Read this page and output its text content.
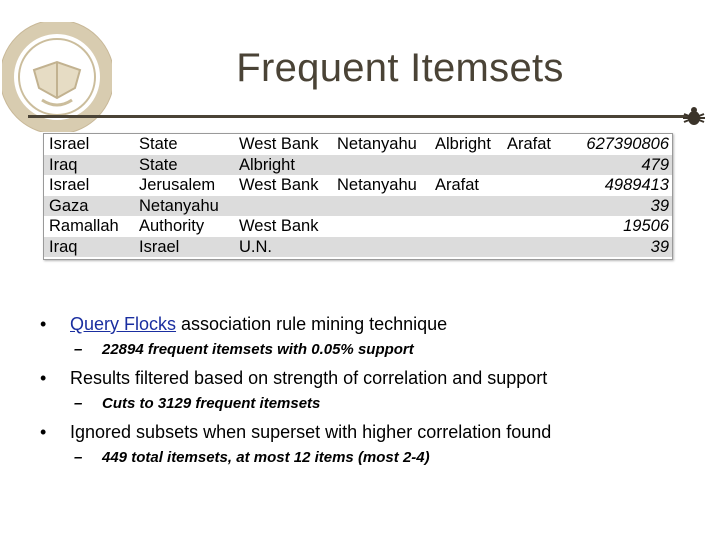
Frequent Itemsets
Israel	State	West Bank	Netanyahu	Albright	Arafat	627390806
Iraq	State	Albright				479
Israel	Jerusalem	West Bank	Netanyahu	Arafat		4989413
Gaza	Netanyahu					39
Ramallah	Authority	West Bank				19506
Iraq	Israel	U.N.				39
• Query Flocks association rule mining technique
– 22894 frequent itemsets with 0.05% support
• Results filtered based on strength of correlation and support
– Cuts to 3129 frequent itemsets
• Ignored subsets when superset with higher correlation found
– 449 total itemsets, at most 12 items (most 2-4)
